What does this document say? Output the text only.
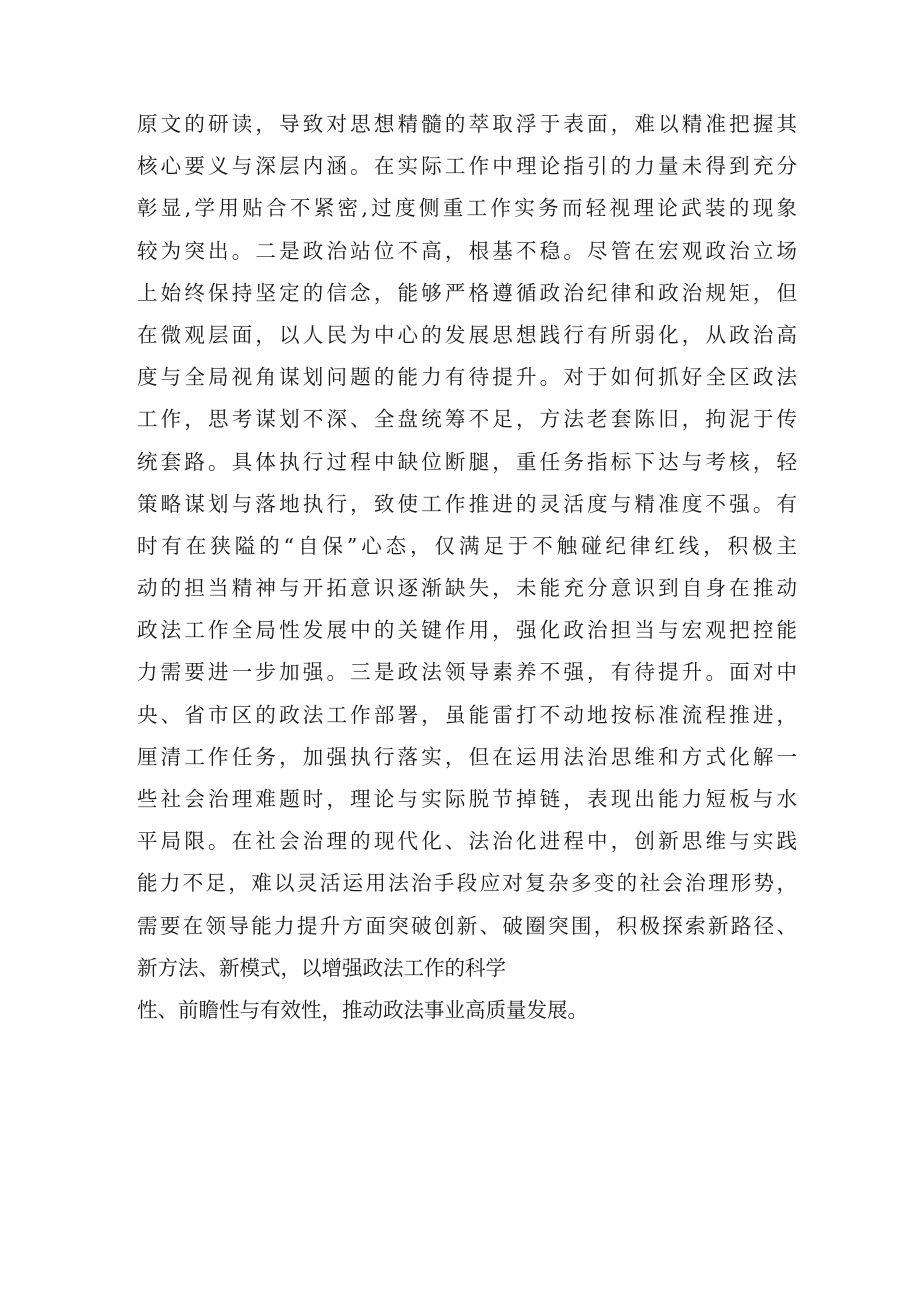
原文的研读，导致对思想精髓的萃取浮于表面，难以精准把握其
核心要义与深层内涵。在实际工作中理论指引的力量未得到充分
彰显,学用贴合不紧密,过度侧重工作实务而轻视理论武装的现象
较为突出。二是政治站位不高，根基不稳。尽管在宏观政治立场
上始终保持坚定的信念，能够严格遵循政治纪律和政治规矩，但
在微观层面，以人民为中心的发展思想践行有所弱化，从政治高
度与全局视角谋划问题的能力有待提升。对于如何抓好全区政法
工作，思考谋划不深、全盘统筹不足，方法老套陈旧，拘泥于传
统套路。具体执行过程中缺位断腿，重任务指标下达与考核，轻
策略谋划与落地执行，致使工作推进的灵活度与精准度不强。有
时有在狭隘的“自保”心态，仅满足于不触碰纪律红线，积极主
动的担当精神与开拓意识逐渐缺失，未能充分意识到自身在推动
政法工作全局性发展中的关键作用，强化政治担当与宏观把控能
力需要进一步加强。三是政法领导素养不强，有待提升。面对中
央、省市区的政法工作部署，虽能雷打不动地按标准流程推进，
厘清工作任务，加强执行落实，但在运用法治思维和方式化解一
些社会治理难题时，理论与实际脱节掉链，表现出能力短板与水
平局限。在社会治理的现代化、法治化进程中，创新思维与实践
能力不足，难以灵活运用法治手段应对复杂多变的社会治理形势，
需要在领导能力提升方面突破创新、破圈突围，积极探索新路径、
新方法、新模式，以增强政法工作的科学
性、前瞻性与有效性，推动政法事业高质量发展。
